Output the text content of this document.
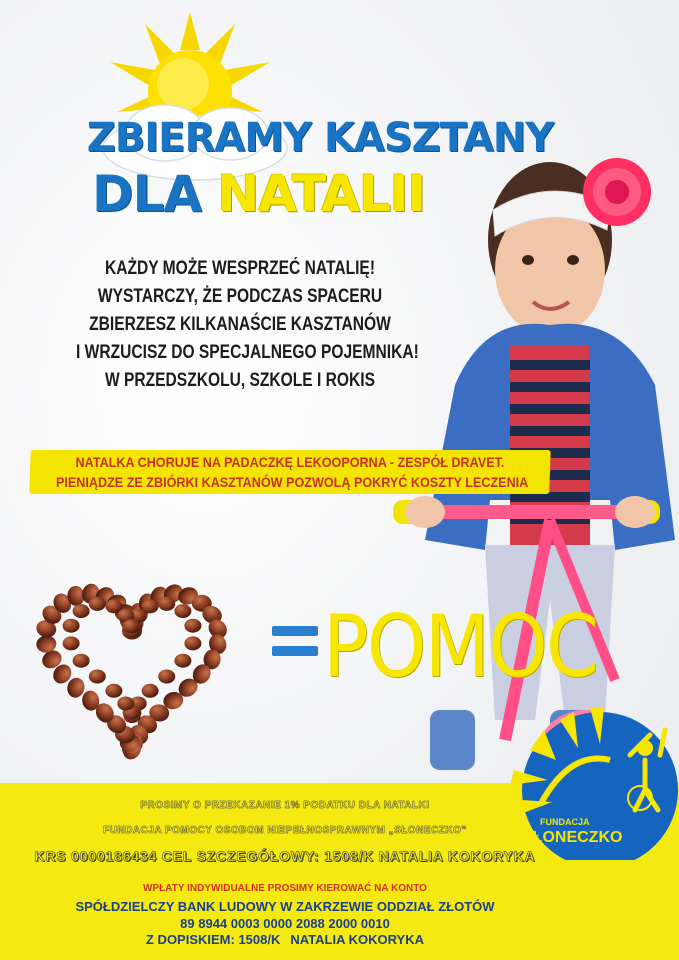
ZBIERAMY KASZTANY
DLA NATALII
KAŻDY MOŻE WESPRZEĆ NATALIĘ!
WYSTARCZY, ŻE PODCZAS SPACERU
ZBIERZESZ KILKANAŚCIE KASZTANÓW
I WRZUCISZ DO SPECJALNEGO POJEMNIKA!
W PRZEDSZKOLU, SZKOLE I ROKIS
NATALKA CHORUJE NA PADACZKĘ LEKOOPORNA - ZESPÓŁ DRAVET.
PIENIĄDZE ZE ZBIÓRKI KASZTANÓW POZWOLĄ POKRYĆ KOSZTY LECZENIA
POMOC
FUNDACJA
SŁONECZKO
PROSIMY O PRZEKAZANIE 1% PODATKU DLA NATALKI
FUNDACJA POMOCY OSOBOM NIEPEŁNOSPRAWNYM „SŁONECZKO”
KRS 0000186434 CEL SZCZEGÓŁOWY: 1508/K NATALIA KOKORYKA
WPŁATY INDYWIDUALNE PROSIMY KIEROWAĆ NA KONTO
SPÓŁDZIELCZY BANK LUDOWY W ZAKRZEWIE ODDZIAŁ ZŁOTÓW
89 8944 0003 0000 2088 2000 0010
Z DOPISKIEM: 1508/K NATALIA KOKORYKA
